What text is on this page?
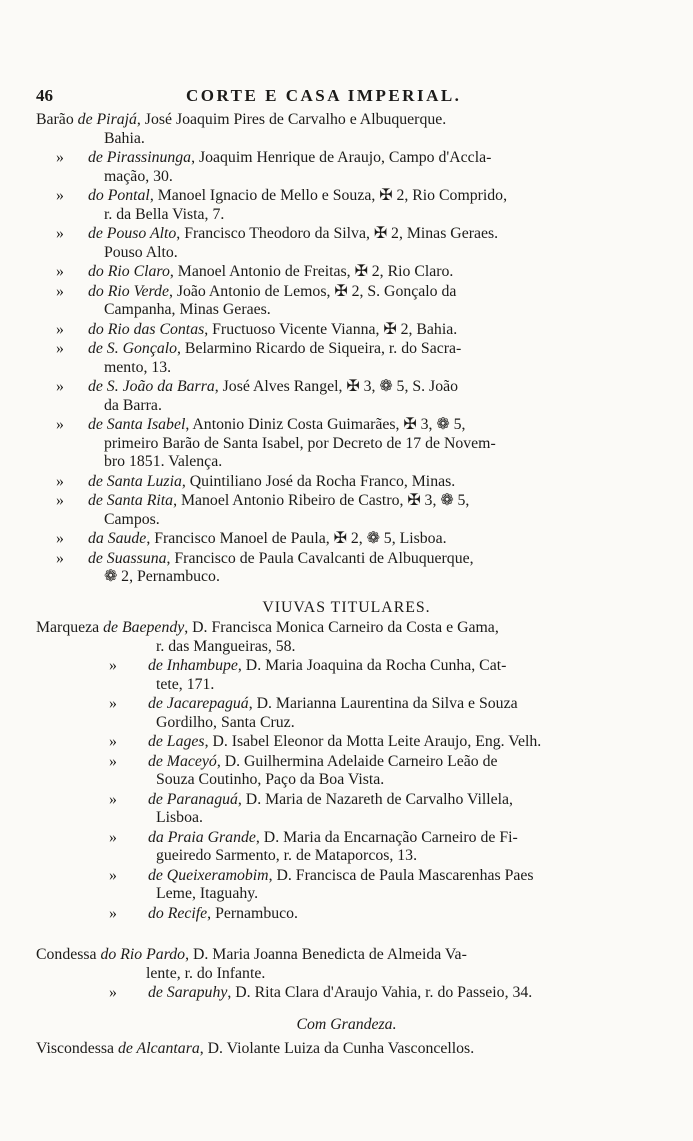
46	CORTE E CASA IMPERIAL.
Barão de Pirajá, José Joaquim Pires de Carvalho e Albuquerque.
Bahia.
» de Pirassinunga, Joaquim Henrique de Araujo, Campo d'Accla-
mação, 30.
» do Pontal, Manoel Ignacio de Mello e Souza, ✠ 2, Rio Comprido,
r. da Bella Vista, 7.
» de Pouso Alto, Francisco Theodoro da Silva, ✠ 2, Minas Geraes.
Pouso Alto.
» do Rio Claro, Manoel Antonio de Freitas, ✠ 2, Rio Claro.
» do Rio Verde, João Antonio de Lemos, ✠ 2, S. Gonçalo da
Campanha, Minas Geraes.
» do Rio das Contas, Fructuoso Vicente Vianna, ✠ 2, Bahia.
» de S. Gonçalo, Belarmino Ricardo de Siqueira, r. do Sacra-
mento, 13.
» de S. João da Barra, José Alves Rangel, ✠ 3, ❁ 5, S. João
da Barra.
» de Santa Isabel, Antonio Diniz Costa Guimarães, ✠ 3, ❁ 5,
primeiro Barão de Santa Isabel, por Decreto de 17 de Novem-
bro 1851. Valença.
» de Santa Luzia, Quintiliano José da Rocha Franco, Minas.
» de Santa Rita, Manoel Antonio Ribeiro de Castro, ✠ 3, ❁ 5,
Campos.
» da Saude, Francisco Manoel de Paula, ✠ 2, ❁ 5, Lisboa.
» de Suassuna, Francisco de Paula Cavalcanti de Albuquerque,
❁ 2, Pernambuco.
VIUVAS TITULARES.
Marqueza de Baependy, D. Francisca Monica Carneiro da Costa e Gama,
r. das Mangueiras, 58.
» de Inhambupe, D. Maria Joaquina da Rocha Cunha, Cat-
tete, 171.
» de Jacarepaguá, D. Marianna Laurentina da Silva e Souza
Gordilho, Santa Cruz.
» de Lages, D. Isabel Eleonor da Motta Leite Araujo, Eng. Velh.
» de Maceyó, D. Guilhermina Adelaide Carneiro Leão de
Souza Coutinho, Paço da Boa Vista.
» de Paranaguá, D. Maria de Nazareth de Carvalho Villela,
Lisboa.
» da Praia Grande, D. Maria da Encarnação Carneiro de Fi-
gueiredo Sarmento, r. de Mataporcos, 13.
» de Queixeramobim, D. Francisca de Paula Mascarenhas Paes
Leme, Itaguahy.
» do Recife, Pernambuco.
Condessa do Rio Pardo, D. Maria Joanna Benedicta de Almeida Va-
lente, r. do Infante.
» de Sarapuhy, D. Rita Clara d'Araujo Vahia, r. do Passeio, 34.
Com Grandeza.
Viscondessa de Alcantara, D. Violante Luiza da Cunha Vasconcellos.
